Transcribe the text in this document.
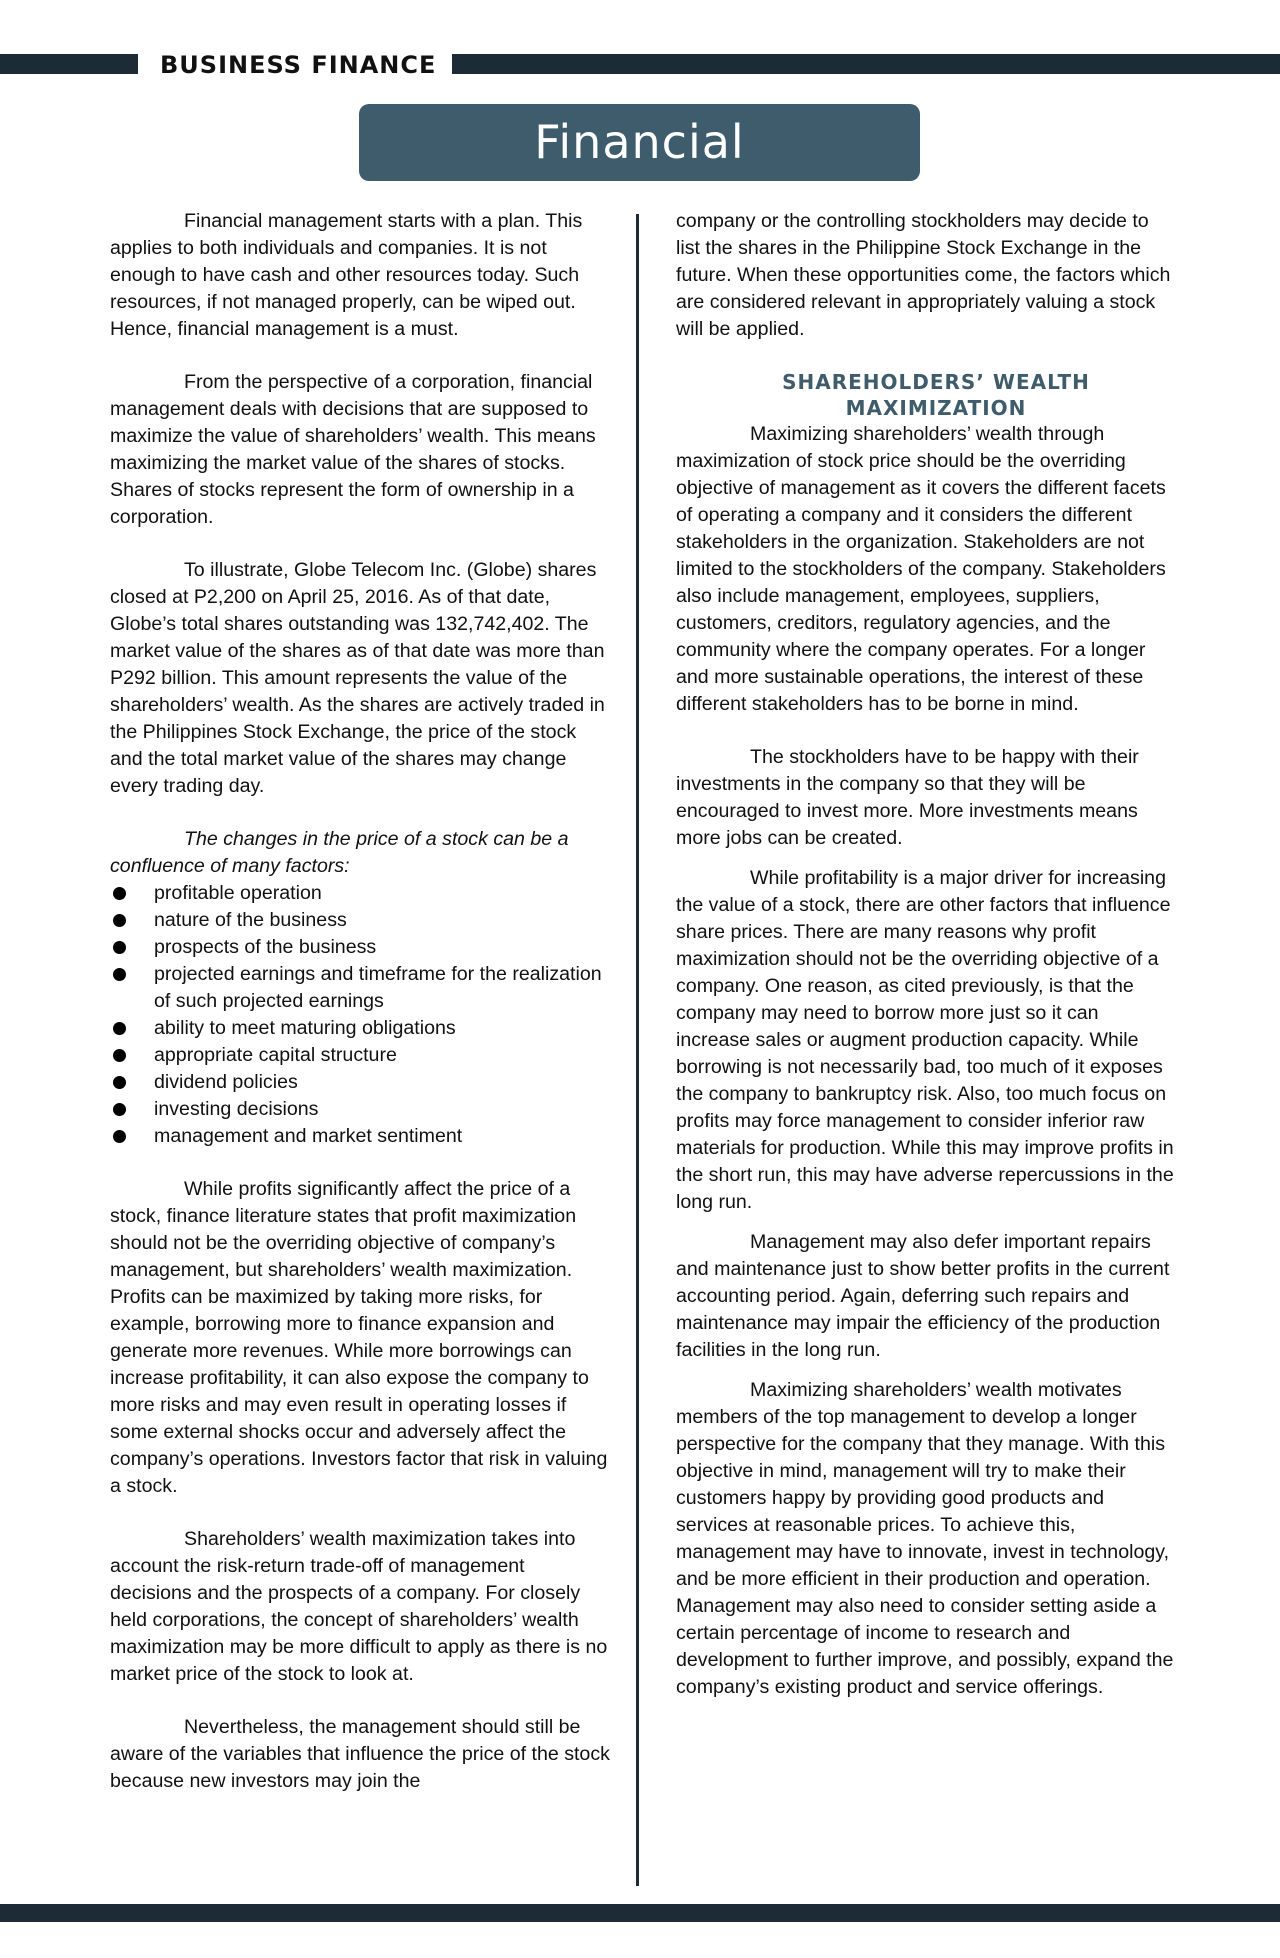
BUSINESS FINANCE
Financial

Financial management starts with a plan. This applies to both individuals and companies. It is not enough to have cash and other resources today. Such resources, if not managed properly, can be wiped out. Hence, financial management is a must.

From the perspective of a corporation, financial management deals with decisions that are supposed to maximize the value of shareholders’ wealth. This means maximizing the market value of the shares of stocks. Shares of stocks represent the form of ownership in a corporation.

To illustrate, Globe Telecom Inc. (Globe) shares closed at P2,200 on April 25, 2016. As of that date, Globe’s total shares outstanding was 132,742,402. The market value of the shares as of that date was more than P292 billion. This amount represents the value of the shareholders’ wealth. As the shares are actively traded in the Philippines Stock Exchange, the price of the stock and the total market value of the shares may change every trading day.

The changes in the price of a stock can be a confluence of many factors:

profitable operation
nature of the business
prospects of the business
projected earnings and timeframe for the realization of such projected earnings
ability to meet maturing obligations
appropriate capital structure
dividend policies
investing decisions
management and market sentiment

While profits significantly affect the price of a stock, finance literature states that profit maximization should not be the overriding objective of company’s management, but shareholders’ wealth maximization. Profits can be maximized by taking more risks, for example, borrowing more to finance expansion and generate more revenues. While more borrowings can increase profitability, it can also expose the company to more risks and may even result in operating losses if some external shocks occur and adversely affect the company’s operations. Investors factor that risk in valuing a stock.

Shareholders’ wealth maximization takes into account the risk-return trade-off of management decisions and the prospects of a company. For closely held corporations, the concept of shareholders’ wealth maximization may be more difficult to apply as there is no market price of the stock to look at.

Nevertheless, the management should still be aware of the variables that influence the price of the stock because new investors may join the

company or the controlling stockholders may decide to list the shares in the Philippine Stock Exchange in the future. When these opportunities come, the factors which are considered relevant in appropriately valuing a stock will be applied.

SHAREHOLDERS’ WEALTH
MAXIMIZATION

Maximizing shareholders’ wealth through maximization of stock price should be the overriding objective of management as it covers the different facets of operating a company and it considers the different stakeholders in the organization. Stakeholders are not limited to the stockholders of the company. Stakeholders also include management, employees, suppliers, customers, creditors, regulatory agencies, and the community where the company operates. For a longer and more sustainable operations, the interest of these different stakeholders has to be borne in mind.

The stockholders have to be happy with their investments in the company so that they will be encouraged to invest more. More investments means more jobs can be created.

While profitability is a major driver for increasing the value of a stock, there are other factors that influence share prices. There are many reasons why profit maximization should not be the overriding objective of a company. One reason, as cited previously, is that the company may need to borrow more just so it can increase sales or augment production capacity. While borrowing is not necessarily bad, too much of it exposes the company to bankruptcy risk. Also, too much focus on profits may force management to consider inferior raw materials for production. While this may improve profits in the short run, this may have adverse repercussions in the long run.

Management may also defer important repairs and maintenance just to show better profits in the current accounting period. Again, deferring such repairs and maintenance may impair the efficiency of the production facilities in the long run.

Maximizing shareholders’ wealth motivates members of the top management to develop a longer perspective for the company that they manage. With this objective in mind, management will try to make their customers happy by providing good products and services at reasonable prices. To achieve this, management may have to innovate, invest in technology, and be more efficient in their production and operation. Management may also need to consider setting aside a certain percentage of income to research and development to further improve, and possibly, expand the company’s existing product and service offerings.
